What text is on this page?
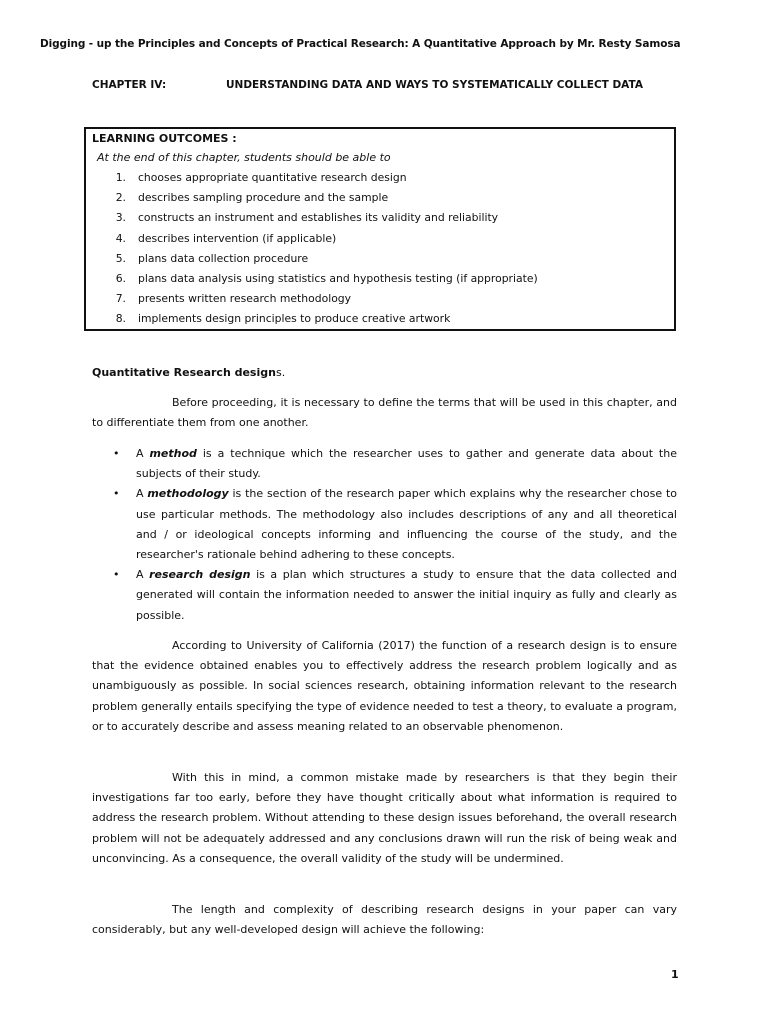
Digging - up the Principles and Concepts of Practical Research: A Quantitative Approach by Mr. Resty Samosa
CHAPTER IV:	UNDERSTANDING DATA AND WAYS TO SYSTEMATICALLY COLLECT DATA
LEARNING OUTCOMES :
At the end of this chapter, students should be able to
1. chooses appropriate quantitative research design
2. describes sampling procedure and the sample
3. constructs an instrument and establishes its validity and reliability
4. describes intervention (if applicable)
5. plans data collection procedure
6. plans data analysis using statistics and hypothesis testing (if appropriate)
7. presents written research methodology
8. implements design principles to produce creative artwork
Quantitative Research designs.

Before proceeding, it is necessary to define the terms that will be used in this chapter, and to differentiate them from one another.

• A method is a technique which the researcher uses to gather and generate data about the subjects of their study.
• A methodology is the section of the research paper which explains why the researcher chose to use particular methods. The methodology also includes descriptions of any and all theoretical and / or ideological concepts informing and influencing the course of the study, and the researcher's rationale behind adhering to these concepts.
• A research design is a plan which structures a study to ensure that the data collected and generated will contain the information needed to answer the initial inquiry as fully and clearly as possible.

According to University of California (2017) the function of a research design is to ensure that the evidence obtained enables you to effectively address the research problem logically and as unambiguously as possible. In social sciences research, obtaining information relevant to the research problem generally entails specifying the type of evidence needed to test a theory, to evaluate a program, or to accurately describe and assess meaning related to an observable phenomenon.

With this in mind, a common mistake made by researchers is that they begin their investigations far too early, before they have thought critically about what information is required to address the research problem. Without attending to these design issues beforehand, the overall research problem will not be adequately addressed and any conclusions drawn will run the risk of being weak and unconvincing. As a consequence, the overall validity of the study will be undermined.

The length and complexity of describing research designs in your paper can vary considerably, but any well-developed design will achieve the following:

1
